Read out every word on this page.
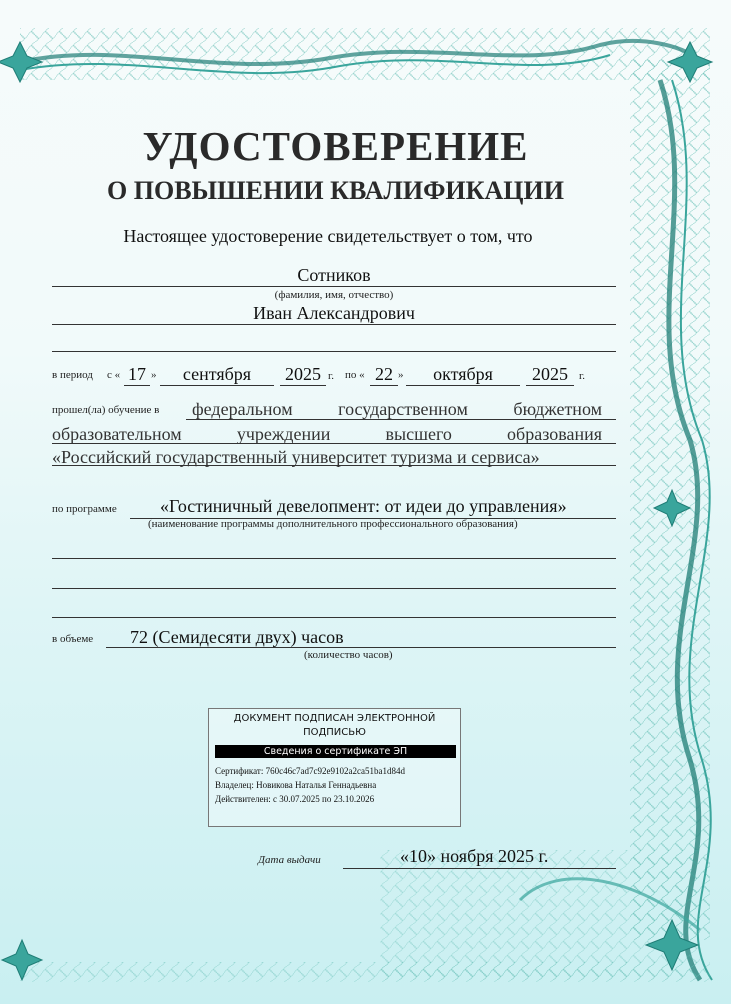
УДОСТОВЕРЕНИЕ
О ПОВЫШЕНИИ КВАЛИФИКАЦИИ
Настоящее удостоверение свидетельствует о том, что
Сотников
(фамилия, имя, отчество)
Иван Александрович
в период с « 17 »	сентября	2025 г. по « 22 »	октября	2025	г.
прошел(ла) обучение в федеральном государственном бюджетном
образовательном учреждении высшего образования
«Российский государственный университет туризма и сервиса»
по программе «Гостиничный девелопмент: от идеи до управления»
(наименование программы дополнительного профессионального образования)
в объеме 72 (Семидесяти двух) часов
(количество часов)
ДОКУМЕНТ ПОДПИСАН ЭЛЕКТРОННОЙ
ПОДПИСЬЮ
Сведения о сертификате ЭП
Сертификат: 760c46c7ad7c92e9102a2ca51ba1d84d
Владелец: Новикова Наталья Геннадьевна
Действителен: с 30.07.2025 по 23.10.2026
Дата выдачи	«10» ноября 2025 г.
